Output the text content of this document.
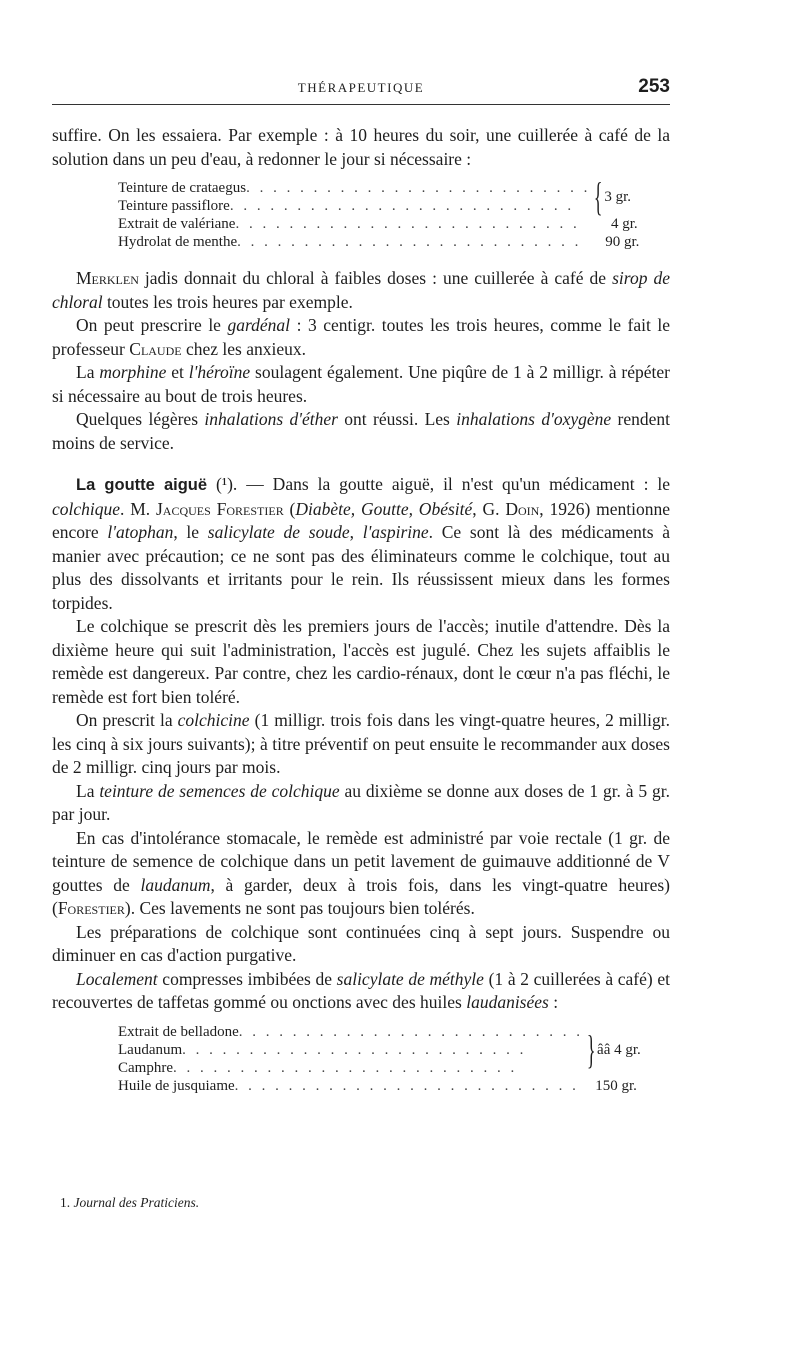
THÉRAPEUTIQUE	253

suffire. On les essaiera. Par exemple : à 10 heures du soir, une cuillerée à café de la solution dans un peu d'eau, à redonner le jour si nécessaire :

Teinture de crataegus . . . . . . . . . . . . . . . . . . . . . . . . . .
Teinture passiflore . . . . . . . . . . . . . . . . . . . . . . . . . . { 3 gr.
Extrait de valériane . . . . . . . . . . . . . . . . . . . . . . . . . .	4 gr.
Hydrolat de menthe . . . . . . . . . . . . . . . . . . . . . . . . . .	90 gr.

Merklen jadis donnait du chloral à faibles doses : une cuillerée à café de sirop de chloral toutes les trois heures par exemple.

On peut prescrire le gardénal : 3 centigr. toutes les trois heures, comme le fait le professeur Claude chez les anxieux.

La morphine et l'héroïne soulagent également. Une piqûre de 1 à 2 milligr. à répéter si nécessaire au bout de trois heures.

Quelques légères inhalations d'éther ont réussi. Les inhalations d'oxygène rendent moins de service.

La goutte aiguë (¹). — Dans la goutte aiguë, il n'est qu'un médicament : le colchique. M. Jacques Forestier (Diabète, Goutte, Obésité, G. Doin, 1926) mentionne encore l'atophan, le salicylate de soude, l'aspirine. Ce sont là des médicaments à manier avec précaution; ce ne sont pas des éliminateurs comme le colchique, tout au plus des dissolvants et irritants pour le rein. Ils réussissent mieux dans les formes torpides.

Le colchique se prescrit dès les premiers jours de l'accès; inutile d'attendre. Dès la dixième heure qui suit l'administration, l'accès est jugulé. Chez les sujets affaiblis le remède est dangereux. Par contre, chez les cardio-rénaux, dont le cœur n'a pas fléchi, le remède est fort bien toléré.

On prescrit la colchicine (1 milligr. trois fois dans les vingt-quatre heures, 2 milligr. les cinq à six jours suivants); à titre préventif on peut ensuite le recommander aux doses de 2 milligr. cinq jours par mois.

La teinture de semences de colchique au dixième se donne aux doses de 1 gr. à 5 gr. par jour.

En cas d'intolérance stomacale, le remède est administré par voie rectale (1 gr. de teinture de semence de colchique dans un petit lavement de guimauve additionné de V gouttes de laudanum, à garder, deux à trois fois, dans les vingt-quatre heures) (Forestier). Ces lavements ne sont pas toujours bien tolérés.

Les préparations de colchique sont continuées cinq à sept jours. Suspendre ou diminuer en cas d'action purgative.

Localement compresses imbibées de salicylate de méthyle (1 à 2 cuillerées à café) et recouvertes de taffetas gommé ou onctions avec des huiles laudanisées :

Extrait de belladone . . . . . . . . . . . . . . . . . . . . . . . . . .
Laudanum . . . . . . . . . . . . . . . . . . . . . . . . . .
Camphre . . . . . . . . . . . . . . . . . . . . . . . . . .	} ââ 4 gr.
Huile de jusquiame . . . . . . . . . . . . . . . . . . . . . . . . . .	150 gr.
1. Journal des Praticiens.
